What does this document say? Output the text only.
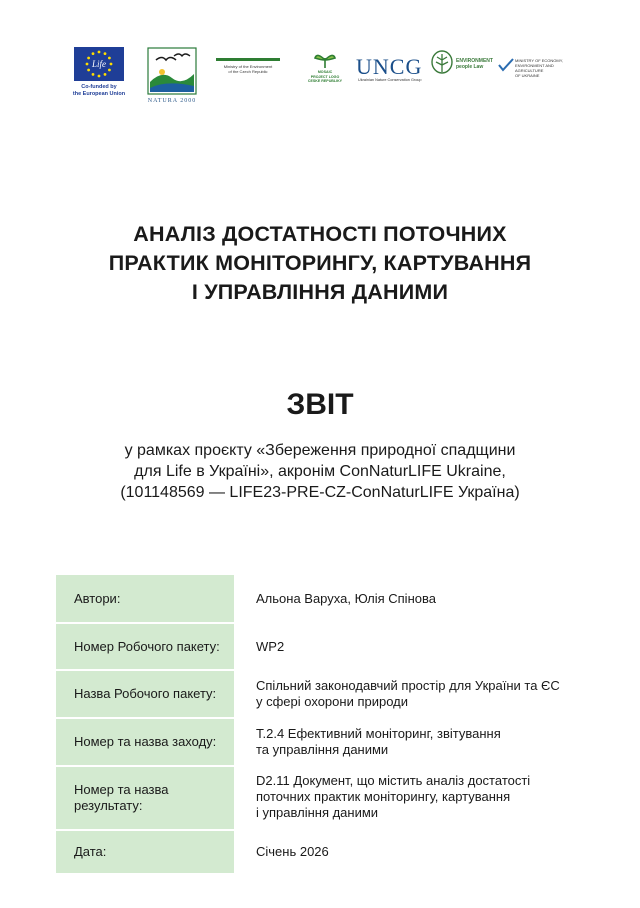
Life
Co-funded by
the European Union
NATURA 2000
Ministry of the Environment
of the Czech Republic	MOSAIC
PROJECT LOGO
CESKE REPUBLIKY
UNCG
Ukrainian Nature Conservation Group
ENVIRONMENT
people Law
MINISTRY OF ECONOMY,
ENVIRONMENT AND AGRICULTURE
OF UKRAINE
АНАЛІЗ ДОСТАТНОСТІ ПОТОЧНИХ
ПРАКТИК МОНІТОРИНГУ, КАРТУВАННЯ
І УПРАВЛІННЯ ДАНИМИ
ЗВІТ
у рамках проєкту «Збереження природної спадщини
для Life в Україні», акронім ConNaturLIFE Ukraine,
(101148569 — LIFE23-PRE-CZ-ConNaturLIFE Україна)
Автори:	Альона Варуха, Юлія Спінова
Номер Робочого пакету:	WP2
Назва Робочого пакету:
Спільний законодавчий простір для України та ЄС
у сфері охорони природи
Номер та назва заходу:
Т.2.4 Ефективний моніторинг, звітування
та управління даними
Номер та назва
результату:
D2.11 Документ, що містить аналіз достатості
поточних практик моніторингу, картування
і управління даними
Дата:	Січень 2026
